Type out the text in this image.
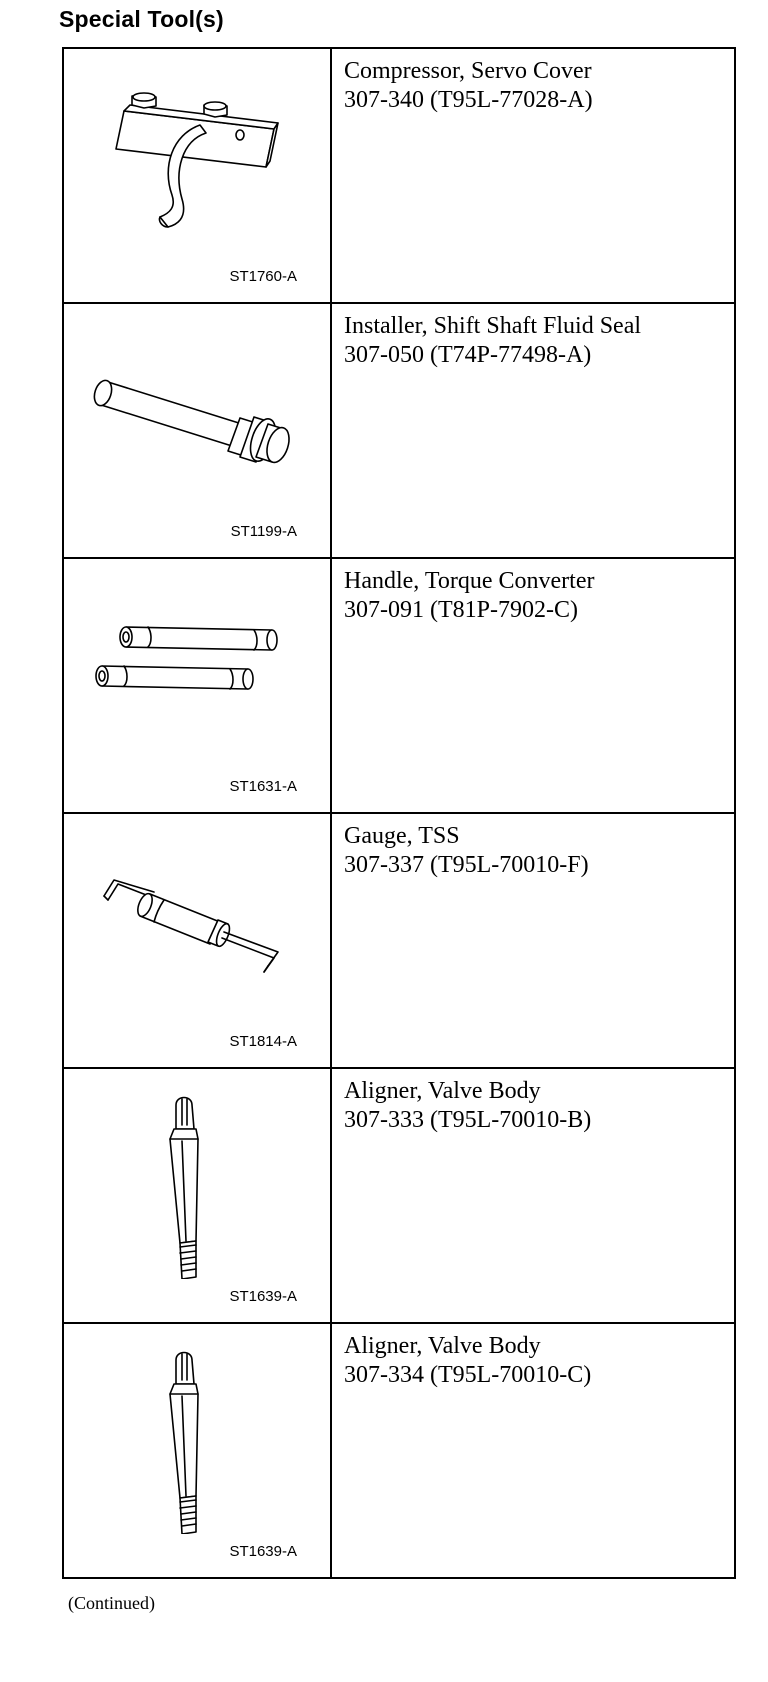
Special Tool(s)
ST1760-A
Compressor, Servo Cover
307-340 (T95L-77028-A)
ST1199-A
Installer, Shift Shaft Fluid Seal
307-050 (T74P-77498-A)
ST1631-A
Handle, Torque Converter
307-091 (T81P-7902-C)
ST1814-A
Gauge, TSS
307-337 (T95L-70010-F)
ST1639-A
Aligner, Valve Body
307-333 (T95L-70010-B)
ST1639-A
Aligner, Valve Body
307-334 (T95L-70010-C)
(Continued)
